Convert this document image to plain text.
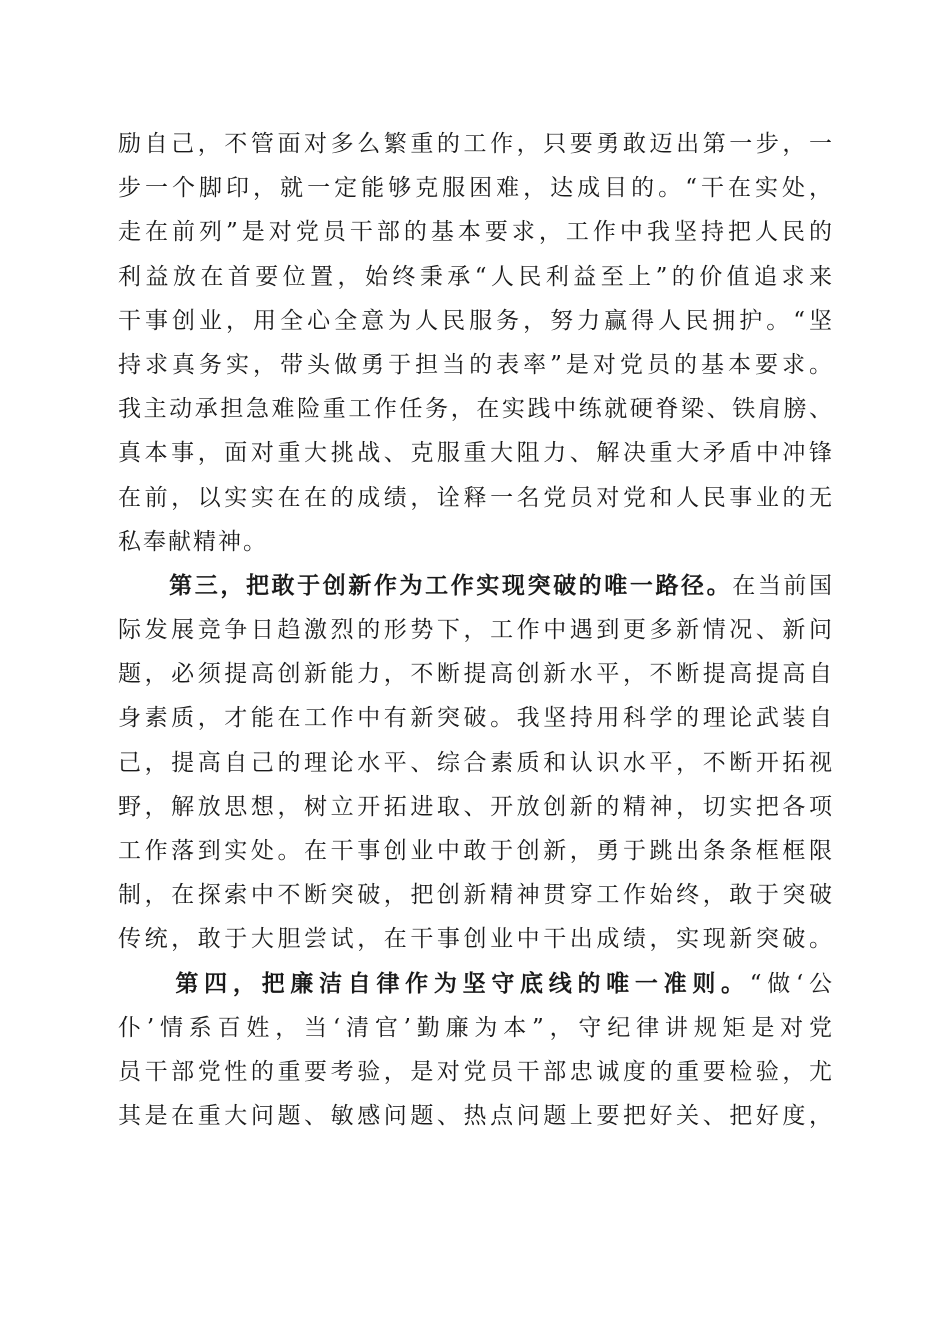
励自己，不管面对多么繁重的工作，只要勇敢迈出第一步，一
步一个脚印，就一定能够克服困难，达成目的。“干在实处，
走在前列”是对党员干部的基本要求，工作中我坚持把人民的
利益放在首要位置，始终秉承“人民利益至上”的价值追求来
干事创业，用全心全意为人民服务，努力赢得人民拥护。“坚
持求真务实，带头做勇于担当的表率”是对党员的基本要求。
我主动承担急难险重工作任务，在实践中练就硬脊梁、铁肩膀、
真本事，面对重大挑战、克服重大阻力、解决重大矛盾中冲锋
在前，以实实在在的成绩，诠释一名党员对党和人民事业的无
私奉献精神。
　　第三，把敢于创新作为工作实现突破的唯一路径。在当前国
际发展竞争日趋激烈的形势下，工作中遇到更多新情况、新问
题，必须提高创新能力，不断提高创新水平，不断提高提高自
身素质，才能在工作中有新突破。我坚持用科学的理论武装自
己，提高自己的理论水平、综合素质和认识水平，不断开拓视
野，解放思想，树立开拓进取、开放创新的精神，切实把各项
工作落到实处。在干事创业中敢于创新，勇于跳出条条框框限
制，在探索中不断突破，把创新精神贯穿工作始终，敢于突破
传统，敢于大胆尝试，在干事创业中干出成绩，实现新突破。
　　第四，把廉洁自律作为坚守底线的唯一准则。“做‘公
仆’情系百姓，当‘清官’勤廉为本”，守纪律讲规矩是对党
员干部党性的重要考验，是对党员干部忠诚度的重要检验，尤
其是在重大问题、敏感问题、热点问题上要把好关、把好度，
